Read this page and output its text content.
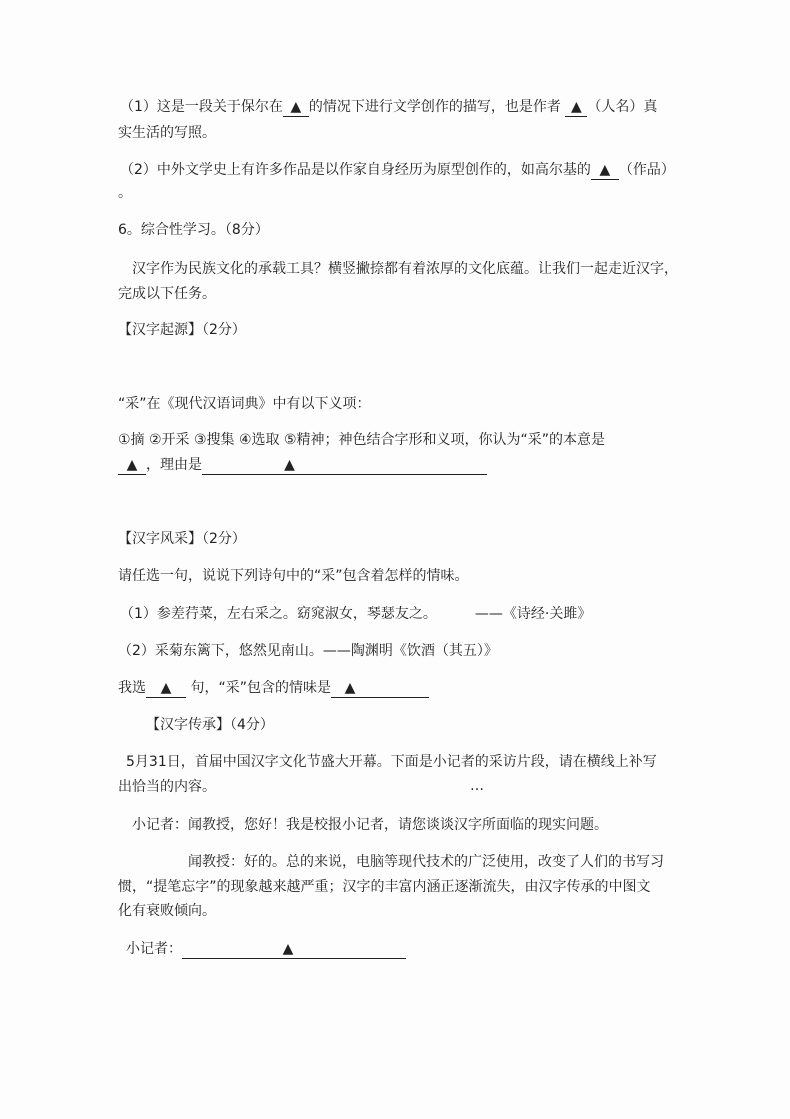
（1）这是一段关于保尔在 ▲ 的情况下进行文学创作的描写，也是作者 ▲ （人名）真
实生活的写照。
（2）中外文学史上有许多作品是以作家自身经历为原型创作的，如高尔基的 ▲ （作品）
。
6。综合性学习。（8分）
汉字作为民族文化的承载工具？横竖撇捺都有着浓厚的文化底蕴。让我们一起走近汉字，
完成以下任务。
【汉字起源】（2分）
“采”在《现代汉语词典》中有以下义项：
①摘 ②开采 ③搜集 ④选取 ⑤精神；神色结合字形和义项，你认为“采”的本意是
▲ ，理由是	▲
【汉字风采】（2分）
请任选一句，说说下列诗句中的“采”包含着怎样的情味。
（1）参差荇菜，左右采之。窈窕淑女，琴瑟友之。	——《诗经·关雎》
（2）采菊东篱下，悠然见南山。——陶渊明《饮酒（其五）》
我选 ▲ 句，“采”包含的情味是 ▲
【汉字传承】（4分）
5月31日，首届中国汉字文化节盛大开幕。下面是小记者的采访片段，请在横线上补写
出恰当的内容。	…
小记者：闻教授，您好！我是校报小记者，请您谈谈汉字所面临的现实问题。
闻教授：好的。总的来说，电脑等现代技术的广泛使用，改变了人们的书写习
惯，“提笔忘字”的现象越来越严重；汉字的丰富内涵正逐渐流失，由汉字传承的中图文
化有衰败倾向。
小记者：	▲
